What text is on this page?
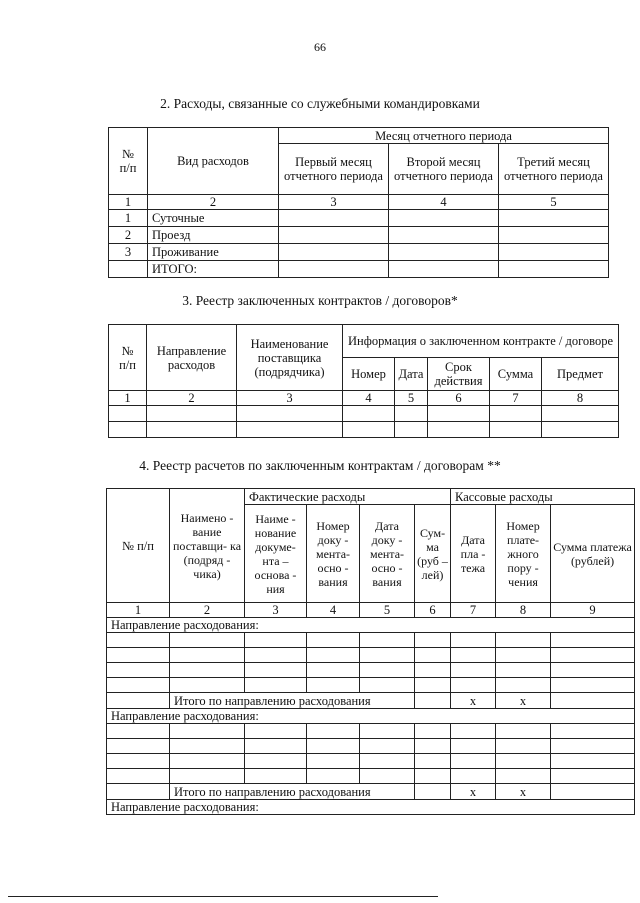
66
2. Расходы, связанные со служебными командировками
№
п/п	Вид расходов	Месяц отчетного периода		
		Первый месяц отчетного периода	Второй месяц отчетного периода	Третий месяц отчетного периода
1	2	3	4	5
1	Суточные			
2	Проезд			
3	Проживание			
	ИТОГО:			
3. Реестр заключенных контрактов / договоров*
№
п/п	Направление расходов	Наименование поставщика (подрядчика)	Информация о заключенном контракте / договоре				
			Номер	Дата	Срок действия	Сумма	Предмет
1	2	3	4	5	6	7	8

4. Реестр расчетов по заключенным контрактам / договорам **
№ п/п	Наимено - вание поставщи- ка (подряд - чика)	Фактические расходы				Кассовые расходы		
		Наиме - нование докуме- нта – основа - ния	Номер доку - мента- осно - вания	Дата доку - мента- осно - вания	Сум- ма (руб –лей)	Дата пла - тежа	Номер плате- жного пору - чения	Сумма платежа (рублей)
1	2	3	4	5	6	7	8	9
Направление расходования:								

	Итого по направлению расходования					x	x	
Направление расходования:								

	Итого по направлению расходования					x	x	
Направление расходования:								
